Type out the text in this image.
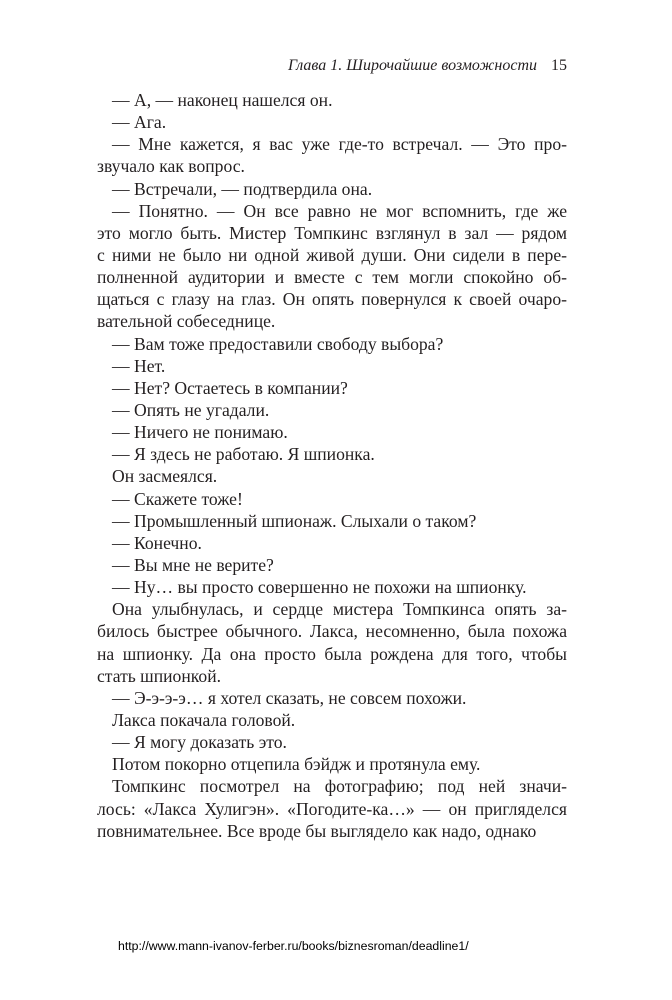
Глава 1. Широчайшие возможности 15
— А, — наконец нашелся он.
— Ага.
— Мне кажется, я вас уже где-то встречал. — Это про-
звучало как вопрос.
— Встречали, — подтвердила она.
— Понятно. — Он все равно не мог вспомнить, где же
это могло быть. Мистер Томпкинс взглянул в зал — рядом
с ними не было ни одной живой души. Они сидели в пере-
полненной аудитории и вместе с тем могли спокойно об-
щаться с глазу на глаз. Он опять повернулся к своей очаро-
вательной собеседнице.
— Вам тоже предоставили свободу выбора?
— Нет.
— Нет? Остаетесь в компании?
— Опять не угадали.
— Ничего не понимаю.
— Я здесь не работаю. Я шпионка.
Он засмеялся.
— Скажете тоже!
— Промышленный шпионаж. Слыхали о таком?
— Конечно.
— Вы мне не верите?
— Ну… вы просто совершенно не похожи на шпионку.
Она улыбнулась, и сердце мистера Томпкинса опять за-
билось быстрее обычного. Лакса, несомненно, была похожа
на шпионку. Да она просто была рождена для того, чтобы
стать шпионкой.
— Э-э-э-э… я хотел сказать, не совсем похожи.
Лакса покачала головой.
— Я могу доказать это.
Потом покорно отцепила бэйдж и протянула ему.
Томпкинс посмотрел на фотографию; под ней значи-
лось: «Лакса Хулигэн». «Погодите-ка…» — он пригляделся
повнимательнее. Все вроде бы выглядело как надо, однако
http://www.mann-ivanov-ferber.ru/books/biznesroman/deadline1/
